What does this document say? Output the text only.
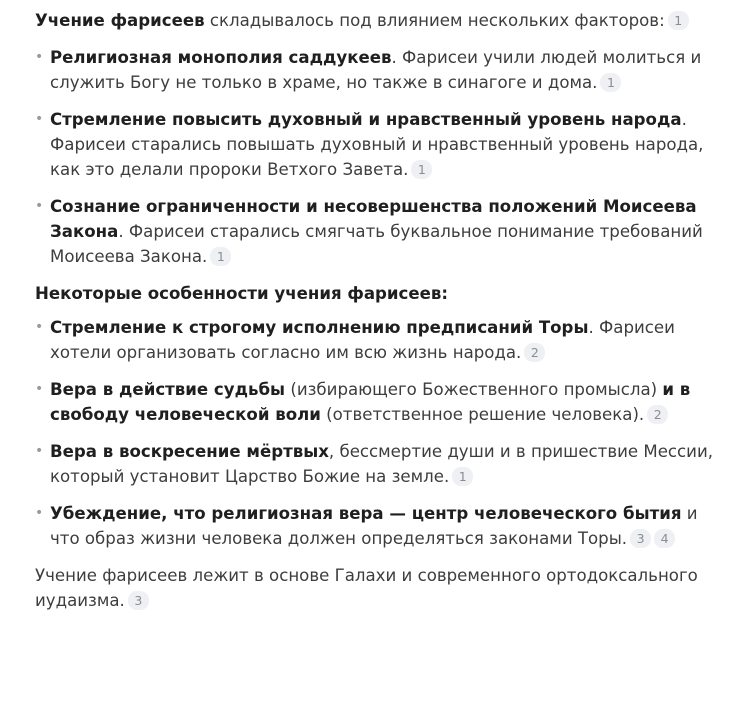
Учение фарисеев складывалось под влиянием нескольких факторов: 1

• Религиозная монополия саддукеев. Фарисеи учили людей молиться и служить Богу не только в храме, но также в синагоге и дома. 1
• Стремление повысить духовный и нравственный уровень народа. Фарисеи старались повышать духовный и нравственный уровень народа, как это делали пророки Ветхого Завета. 1
• Сознание ограниченности и несовершенства положений Моисеева Закона. Фарисеи старались смягчать буквальное понимание требований Моисеева Закона. 1

Некоторые особенности учения фарисеев:

• Стремление к строгому исполнению предписаний Торы. Фарисеи хотели организовать согласно им всю жизнь народа. 2
• Вера в действие судьбы (избирающего Божественного промысла) и в свободу человеческой воли (ответственное решение человека). 2
• Вера в воскресение мёртвых, бессмертие души и в пришествие Мессии, который установит Царство Божие на земле. 1
• Убеждение, что религиозная вера — центр человеческого бытия и что образ жизни человека должен определяться законами Торы. 3 4

Учение фарисеев лежит в основе Галахи и современного ортодоксального иудаизма. 3
